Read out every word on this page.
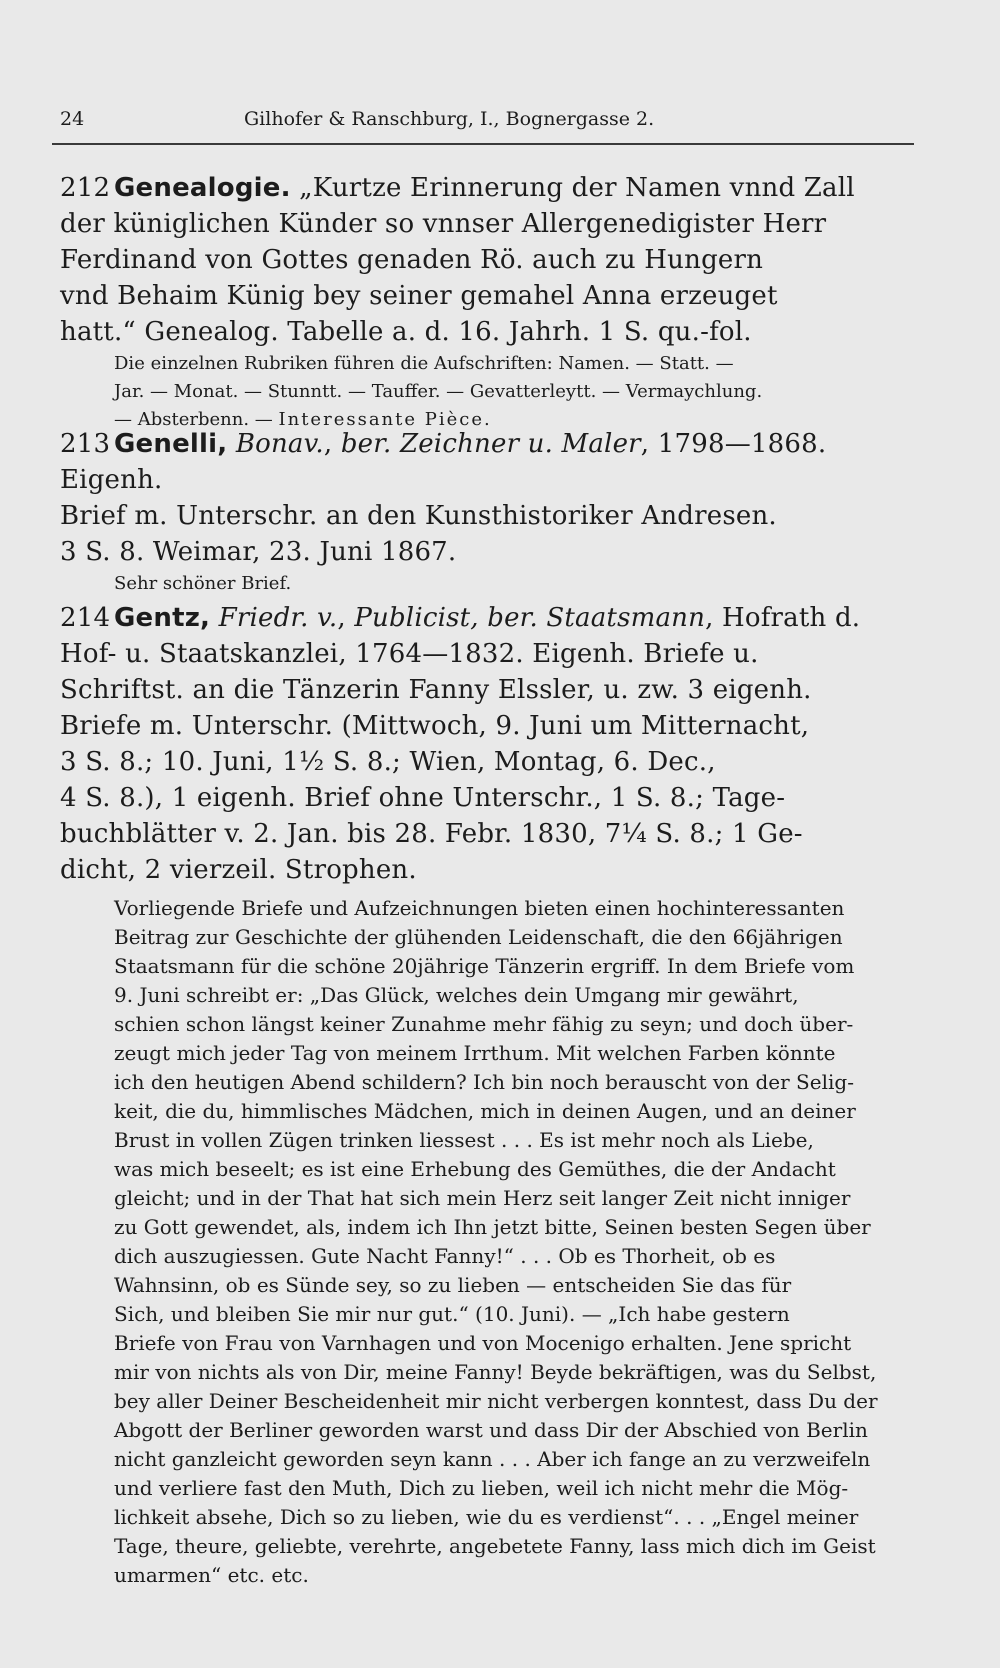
24	Gilhofer & Ranschburg, I., Bognergasse 2.
212 Genealogie. „Kurtze Erinnerung der Namen vnnd Zall
der küniglichen Künder so vnnser Allergenedigister Herr
Ferdinand von Gottes genaden Rö. auch zu Hungern
vnd Behaim Künig bey seiner gemahel Anna erzeuget
hatt.“ Genealog. Tabelle a. d. 16. Jahrh. 1 S. qu.-fol.
Die einzelnen Rubriken führen die Aufschriften: Namen. — Statt. —
Jar. — Monat. — Stunntt. — Tauffer. — Gevatterleytt. — Vermaychlung.
— Absterbenn. — Interessante Pièce.
213 Genelli, Bonav., ber. Zeichner u. Maler, 1798—1868. Eigenh.
Brief m. Unterschr. an den Kunsthistoriker Andresen.
3 S. 8. Weimar, 23. Juni 1867.
Sehr schöner Brief.
214 Gentz, Friedr. v., Publicist, ber. Staatsmann, Hofrath d.
Hof- u. Staatskanzlei, 1764—1832. Eigenh. Briefe u.
Schriftst. an die Tänzerin Fanny Elssler, u. zw. 3 eigenh.
Briefe m. Unterschr. (Mittwoch, 9. Juni um Mitternacht,
3 S. 8.; 10. Juni, 1½ S. 8.; Wien, Montag, 6. Dec.,
4 S. 8.), 1 eigenh. Brief ohne Unterschr., 1 S. 8.; Tage-
buchblätter v. 2. Jan. bis 28. Febr. 1830, 7¼ S. 8.; 1 Ge-
dicht, 2 vierzeil. Strophen.
Vorliegende Briefe und Aufzeichnungen bieten einen hochinteressanten
Beitrag zur Geschichte der glühenden Leidenschaft, die den 66jährigen
Staatsmann für die schöne 20jährige Tänzerin ergriff. In dem Briefe vom
9. Juni schreibt er: „Das Glück, welches dein Umgang mir gewährt,
schien schon längst keiner Zunahme mehr fähig zu seyn; und doch über-
zeugt mich jeder Tag von meinem Irrthum. Mit welchen Farben könnte
ich den heutigen Abend schildern? Ich bin noch berauscht von der Selig-
keit, die du, himmlisches Mädchen, mich in deinen Augen, und an deiner
Brust in vollen Zügen trinken liessest . . . Es ist mehr noch als Liebe,
was mich beseelt; es ist eine Erhebung des Gemüthes, die der Andacht
gleicht; und in der That hat sich mein Herz seit langer Zeit nicht inniger
zu Gott gewendet, als, indem ich Ihn jetzt bitte, Seinen besten Segen über
dich auszugiessen. Gute Nacht Fanny!“ . . . Ob es Thorheit, ob es
Wahnsinn, ob es Sünde sey, so zu lieben — entscheiden Sie das für
Sich, und bleiben Sie mir nur gut.“ (10. Juni). — „Ich habe gestern
Briefe von Frau von Varnhagen und von Mocenigo erhalten. Jene spricht
mir von nichts als von Dir, meine Fanny! Beyde bekräftigen, was du Selbst,
bey aller Deiner Bescheidenheit mir nicht verbergen konntest, dass Du der
Abgott der Berliner geworden warst und dass Dir der Abschied von Berlin
nicht ganzleicht geworden seyn kann . . . Aber ich fange an zu verzweifeln
und verliere fast den Muth, Dich zu lieben, weil ich nicht mehr die Mög-
lichkeit absehe, Dich so zu lieben, wie du es verdienst“. . . „Engel meiner
Tage, theure, geliebte, verehrte, angebetete Fanny, lass mich dich im Geist
umarmen“ etc. etc.
